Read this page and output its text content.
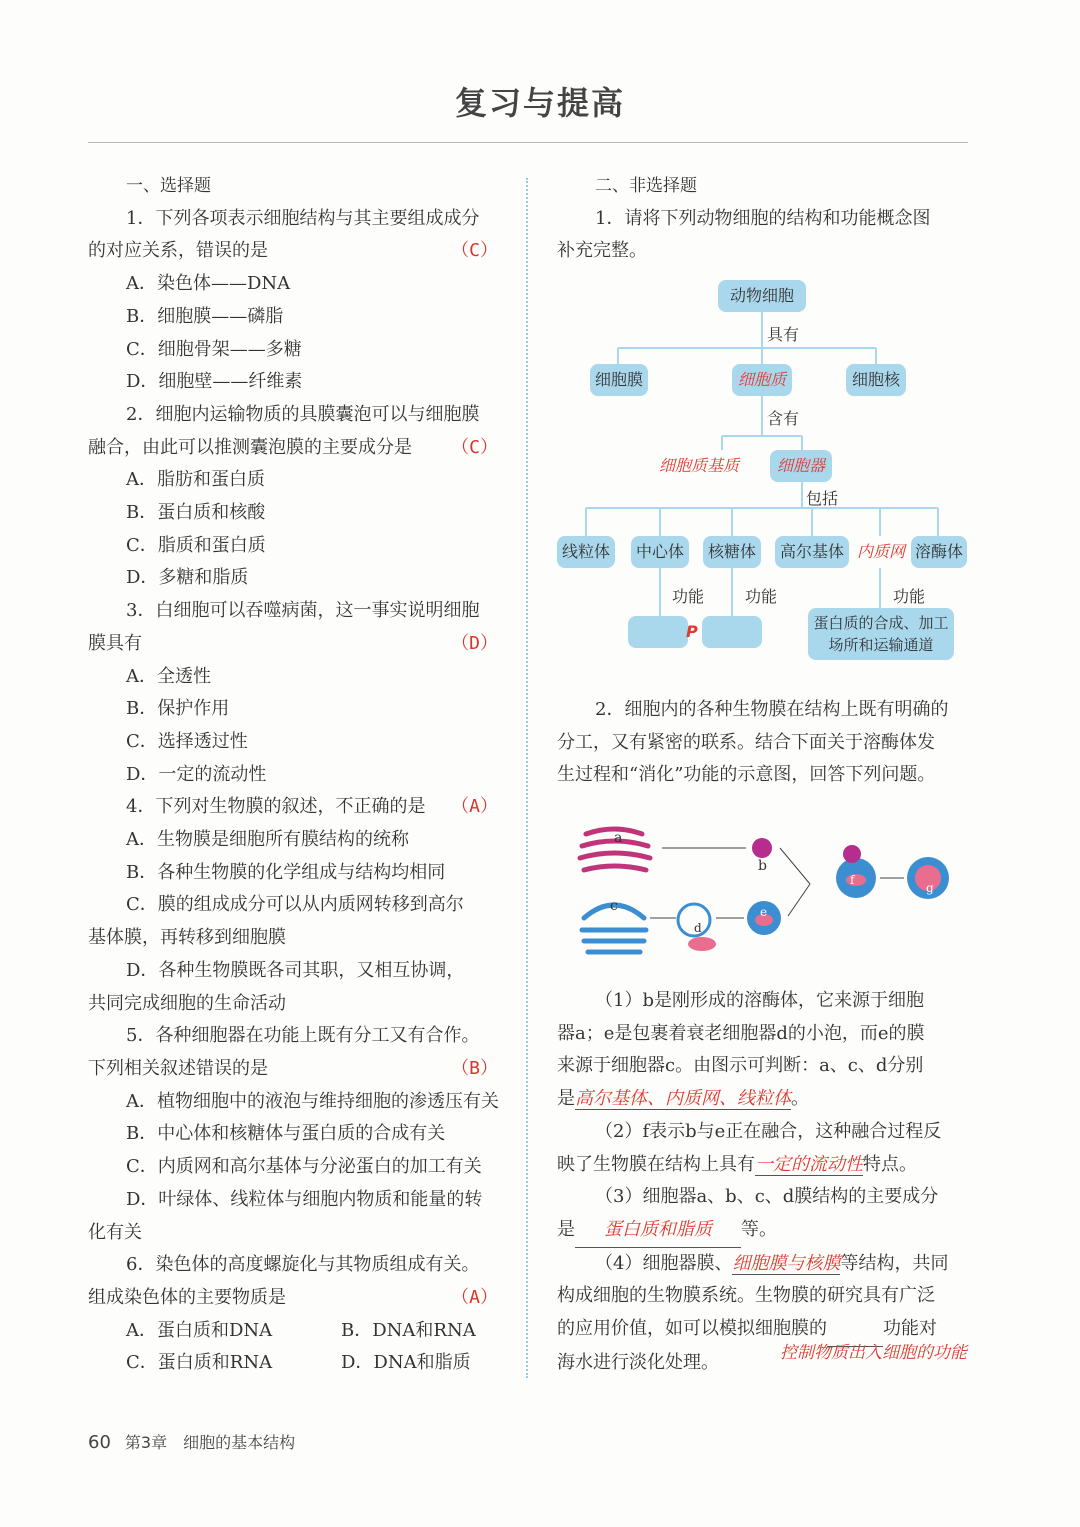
复习与提高

一、选择题

1．下列各项表示细胞结构与其主要组成成分

的对应关系，错误的是	（C）

A．染色体——DNA

B．细胞膜——磷脂

C．细胞骨架——多糖

D．细胞壁——纤维素

2．细胞内运输物质的具膜囊泡可以与细胞膜

融合，由此可以推测囊泡膜的主要成分是 （C）

A．脂肪和蛋白质

B．蛋白质和核酸

C．脂质和蛋白质

D．多糖和脂质

3．白细胞可以吞噬病菌，这一事实说明细胞

膜具有	（D）

A．全透性

B．保护作用

C．选择透过性

D．一定的流动性

4．下列对生物膜的叙述，不正确的是 （A）

A．生物膜是细胞所有膜结构的统称

B．各种生物膜的化学组成与结构均相同

C．膜的组成成分可以从内质网转移到高尔

基体膜，再转移到细胞膜

D．各种生物膜既各司其职，又相互协调，

共同完成细胞的生命活动

5．各种细胞器在功能上既有分工又有合作。

下列相关叙述错误的是	（B）

A．植物细胞中的液泡与维持细胞的渗透压有关

B．中心体和核糖体与蛋白质的合成有关

C．内质网和高尔基体与分泌蛋白的加工有关

D．叶绿体、线粒体与细胞内物质和能量的转

化有关

6．染色体的高度螺旋化与其物质组成有关。

组成染色体的主要物质是	（A）

A．蛋白质和DNA	B．DNA和RNA

C．蛋白质和RNA	D．DNA和脂质

二、非选择题

1．请将下列动物细胞的结构和功能概念图

补充完整。

动物细胞
具有
细胞膜	细胞质	细胞核
含有
细胞质基质	细胞器
包括
线粒体	中心体	核糖体	高尔基体 内质网 溶酶体
功能	功能	功能
P	蛋白质的合成、加工场所和运输通道

2．细胞内的各种生物膜在结构上既有明确的

分工，又有紧密的联系。结合下面关于溶酶体发

生过程和“消化”功能的示意图，回答下列问题。

a
b
c
d
e
f
g

（1）b是刚形成的溶酶体，它来源于细胞

器a；e是包裹着衰老细胞器d的小泡，而e的膜

来源于细胞器c。由图示可判断：a、c、d分别

是高尔基体、内质网、线粒体。

（2）f表示b与e正在融合，这种融合过程反

映了生物膜在结构上具有一定的流动性特点。

（3）细胞器a、b、c、d膜结构的主要成分

是 蛋白质和脂质 等。

（4）细胞器膜、细胞膜与核膜等结构，共同

构成细胞的生物膜系统。生物膜的研究具有广泛

的应用价值，如可以模拟细胞膜的	功能对

海水进行淡化处理。	控制物质出入细胞的功能

60 第3章　细胞的基本结构
